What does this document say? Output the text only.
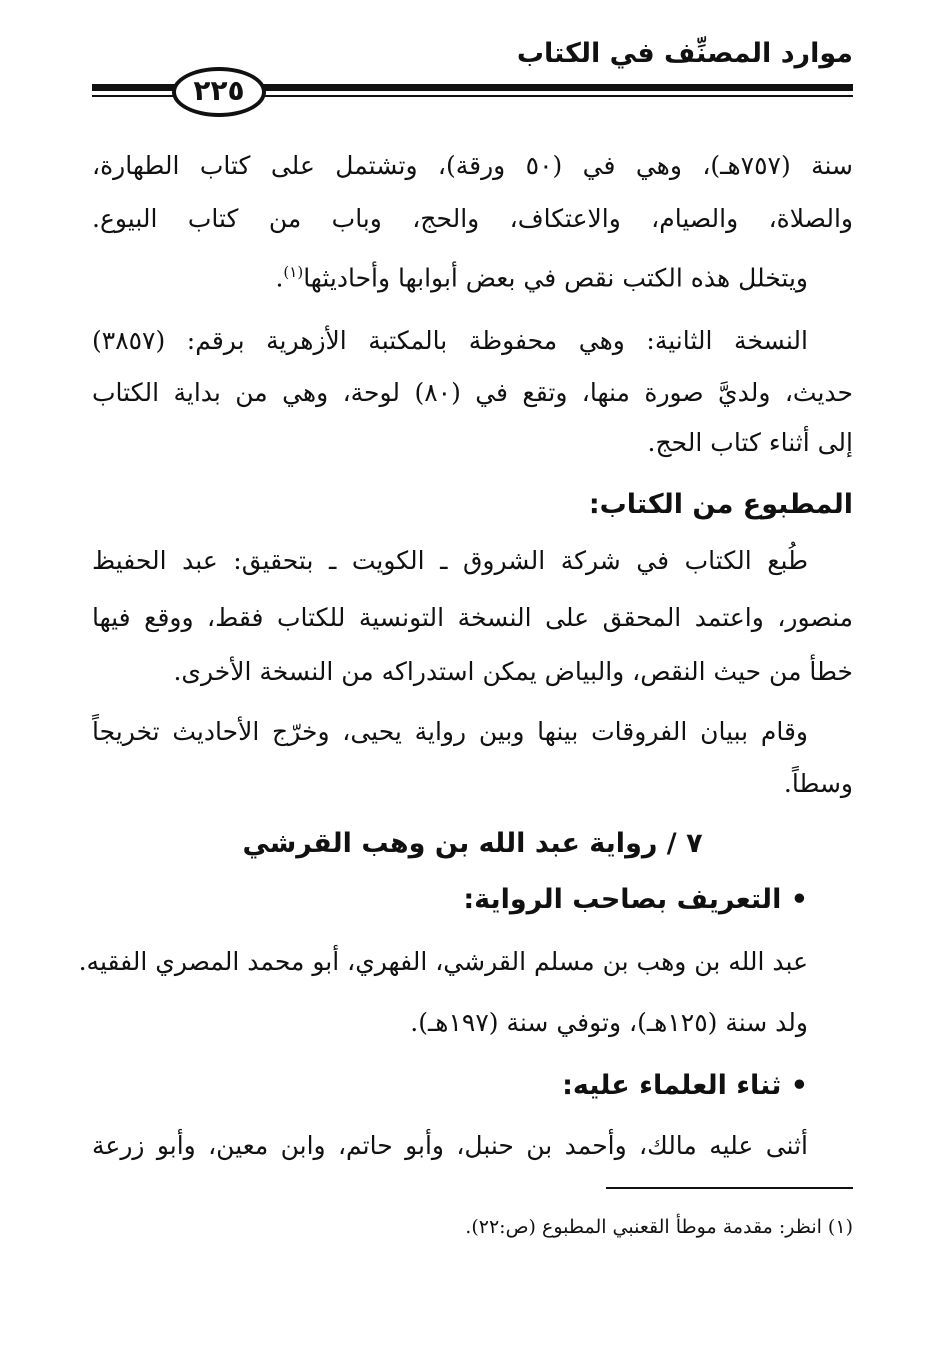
موارد المصنِّف في الكتاب
٢٢٥
سنة (٧٥٧هـ)، وهي في (٥٠ ورقة)، وتشتمل على كتاب الطهارة،
والصلاة، والصيام، والاعتكاف، والحج، وباب من كتاب البيوع.
ويتخلل هذه الكتب نقص في بعض أبوابها وأحاديثها$^{(١)}$.
النسخة الثانية: وهي محفوظة بالمكتبة الأزهرية برقم: (٣٨٥٧)
حديث، ولديَّ صورة منها، وتقع في (٨٠) لوحة، وهي من بداية الكتاب
إلى أثناء كتاب الحج.
المطبوع من الكتاب:
طُبع الكتاب في شركة الشروق ـ الكويت ـ بتحقيق: عبد الحفيظ
منصور، واعتمد المحقق على النسخة التونسية للكتاب فقط، ووقع فيها
خطأ من حيث النقص، والبياض يمكن استدراكه من النسخة الأخرى.
وقام ببيان الفروقات بينها وبين رواية يحيى، وخرّج الأحاديث تخريجاً
وسطاً.
٧ / رواية عبد الله بن وهب القرشي
• التعريف بصاحب الرواية:
عبد الله بن وهب بن مسلم القرشي، الفهري، أبو محمد المصري الفقيه.
ولد سنة (١٢٥هـ)، وتوفي سنة (١٩٧هـ).
• ثناء العلماء عليه:
أثنى عليه مالك، وأحمد بن حنبل، وأبو حاتم، وابن معين، وأبو زرعة
(١) انظر: مقدمة موطأ القعنبي المطبوع (ص:٢٢).
